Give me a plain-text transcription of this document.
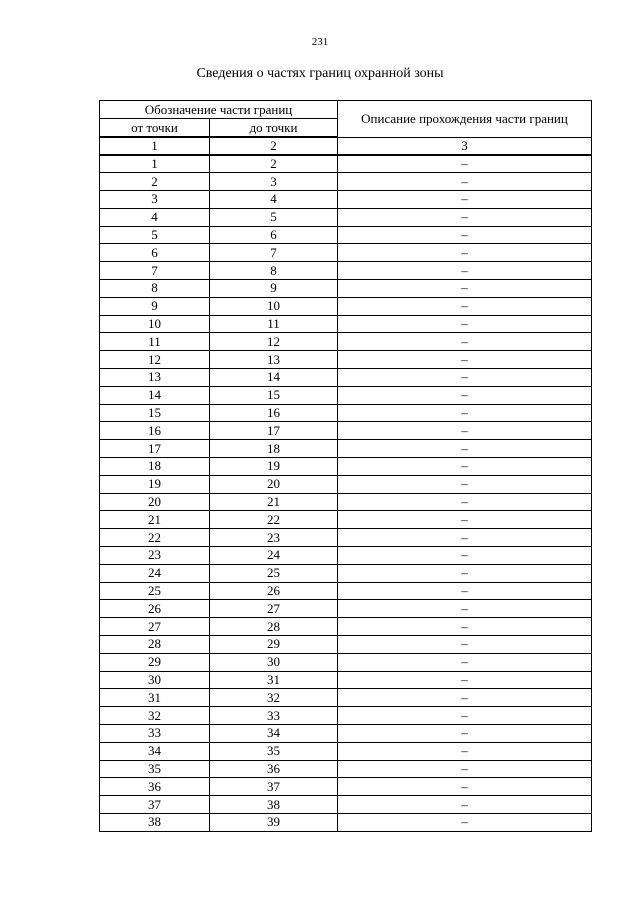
231
Сведения о частях границ охранной зоны
Обозначение части границ		Описание прохождения части границ
от точки	до точки	
1	2	3
1	2	–
2	3	–
3	4	–
4	5	–
5	6	–
6	7	–
7	8	–
8	9	–
9	10	–
10	11	–
11	12	–
12	13	–
13	14	–
14	15	–
15	16	–
16	17	–
17	18	–
18	19	–
19	20	–
20	21	–
21	22	–
22	23	–
23	24	–
24	25	–
25	26	–
26	27	–
27	28	–
28	29	–
29	30	–
30	31	–
31	32	–
32	33	–
33	34	–
34	35	–
35	36	–
36	37	–
37	38	–
38	39	–
